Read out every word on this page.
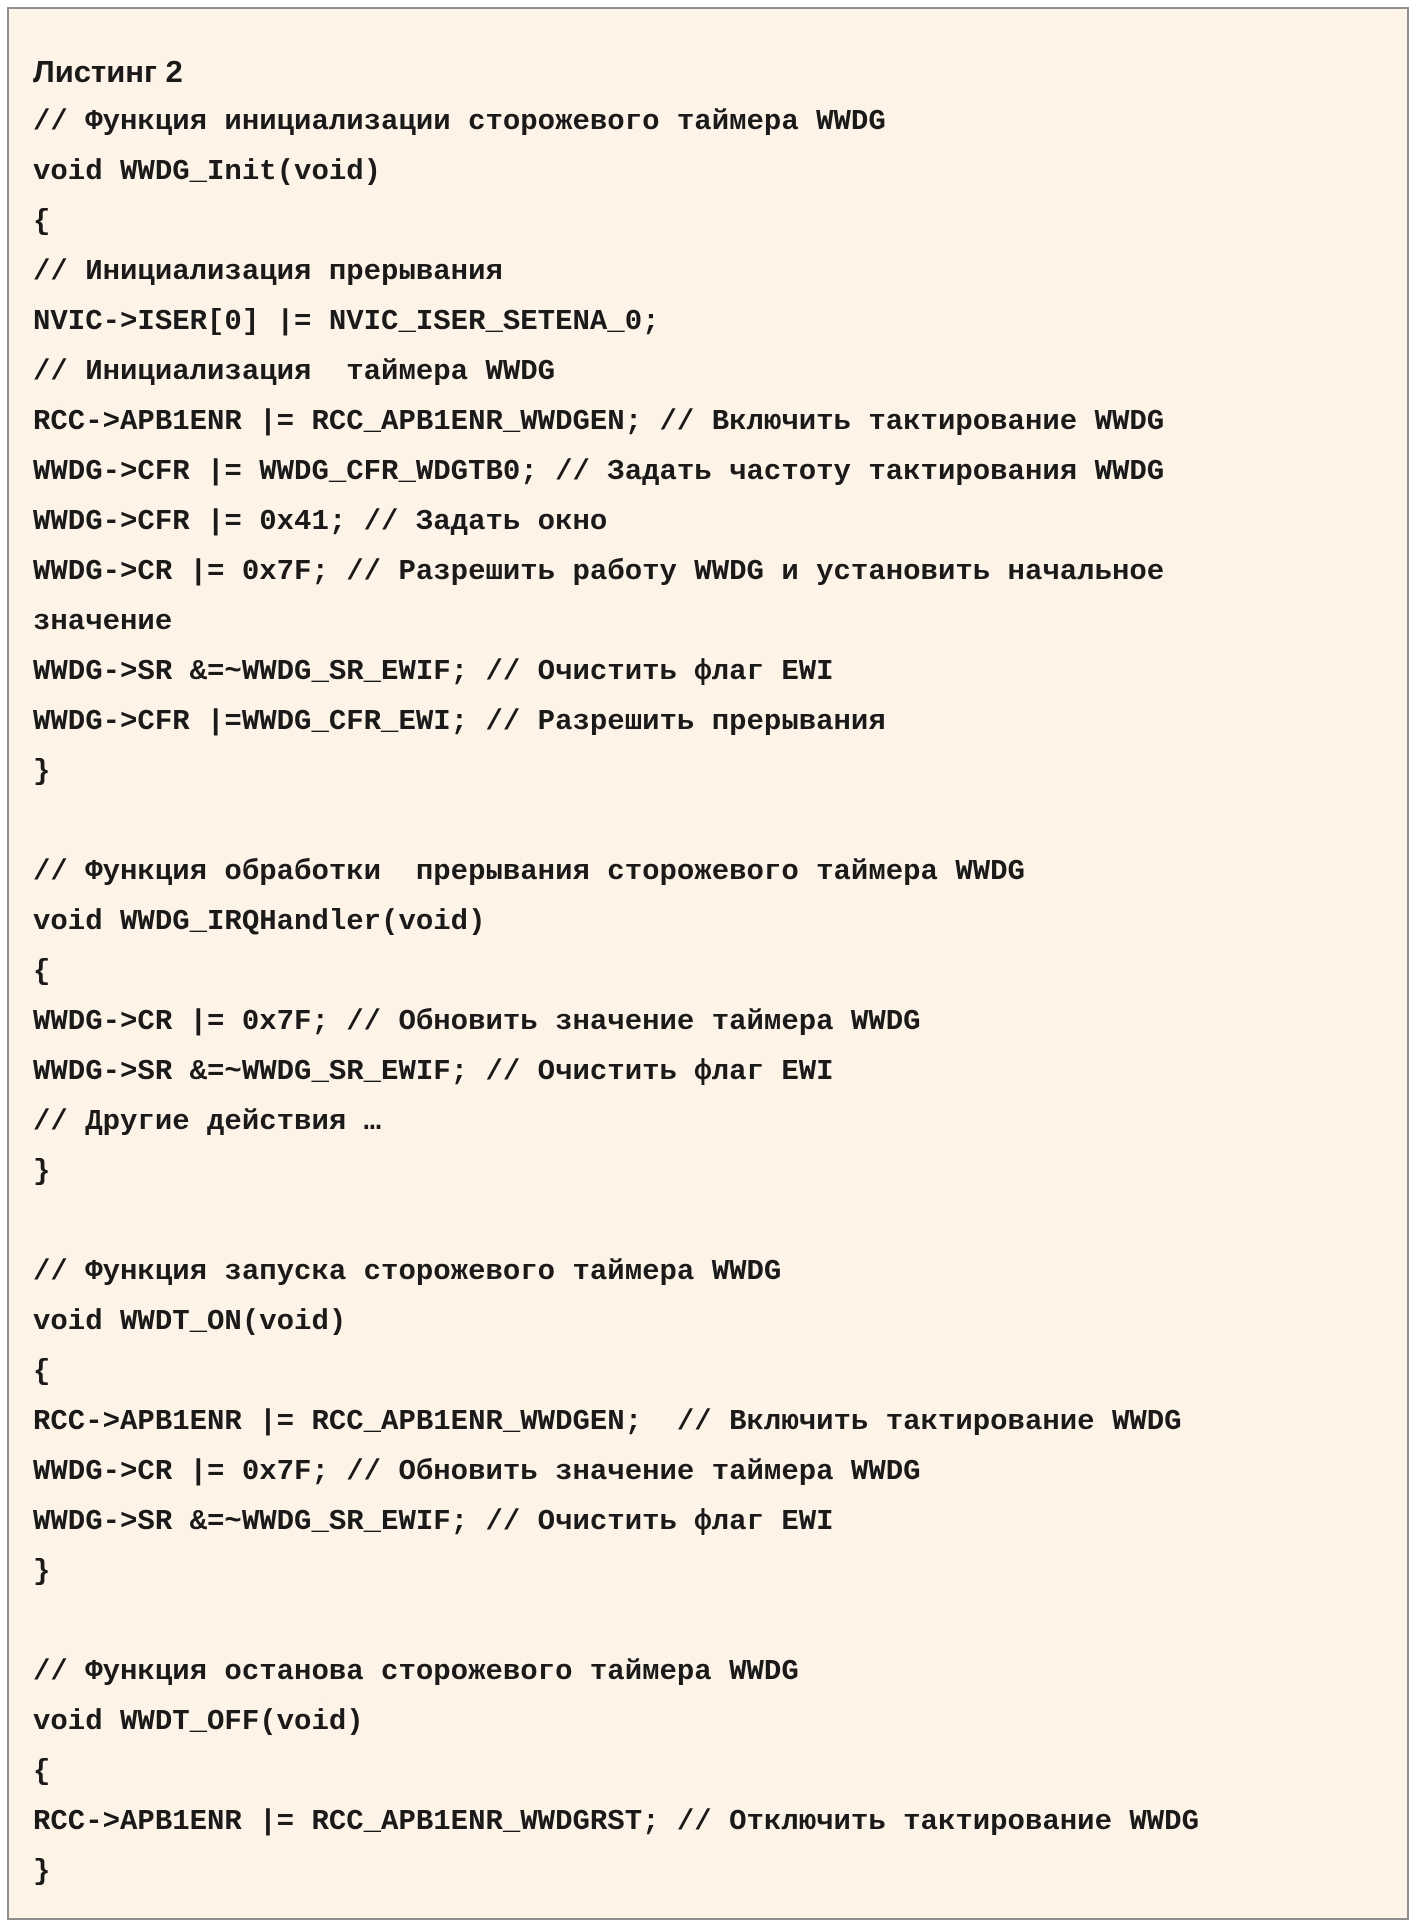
Листинг 2
// Функция инициализации сторожевого таймера WWDG
void WWDG_Init(void)
{
// Инициализация прерывания
NVIC->ISER[0] |= NVIC_ISER_SETENA_0;
// Инициализация  таймера WWDG
RCC->APB1ENR |= RCC_APB1ENR_WWDGEN; // Включить тактирование WWDG
WWDG->CFR |= WWDG_CFR_WDGTB0; // Задать частоту тактирования WWDG
WWDG->CFR |= 0x41; // Задать окно
WWDG->CR |= 0x7F; // Разрешить работу WWDG и установить начальное
значение
WWDG->SR &=~WWDG_SR_EWIF; // Очистить флаг EWI
WWDG->CFR |=WWDG_CFR_EWI; // Разрешить прерывания
}
// Функция обработки  прерывания сторожевого таймера WWDG
void WWDG_IRQHandler(void)
{
WWDG->CR |= 0x7F; // Обновить значение таймера WWDG
WWDG->SR &=~WWDG_SR_EWIF; // Очистить флаг EWI
// Другие действия …
}
// Функция запуска сторожевого таймера WWDG
void WWDT_ON(void)
{
RCC->APB1ENR |= RCC_APB1ENR_WWDGEN;  // Включить тактирование WWDG
WWDG->CR |= 0x7F; // Обновить значение таймера WWDG
WWDG->SR &=~WWDG_SR_EWIF; // Очистить флаг EWI
}
// Функция останова сторожевого таймера WWDG
void WWDT_OFF(void)
{
RCC->APB1ENR |= RCC_APB1ENR_WWDGRST; // Отключить тактирование WWDG
}
